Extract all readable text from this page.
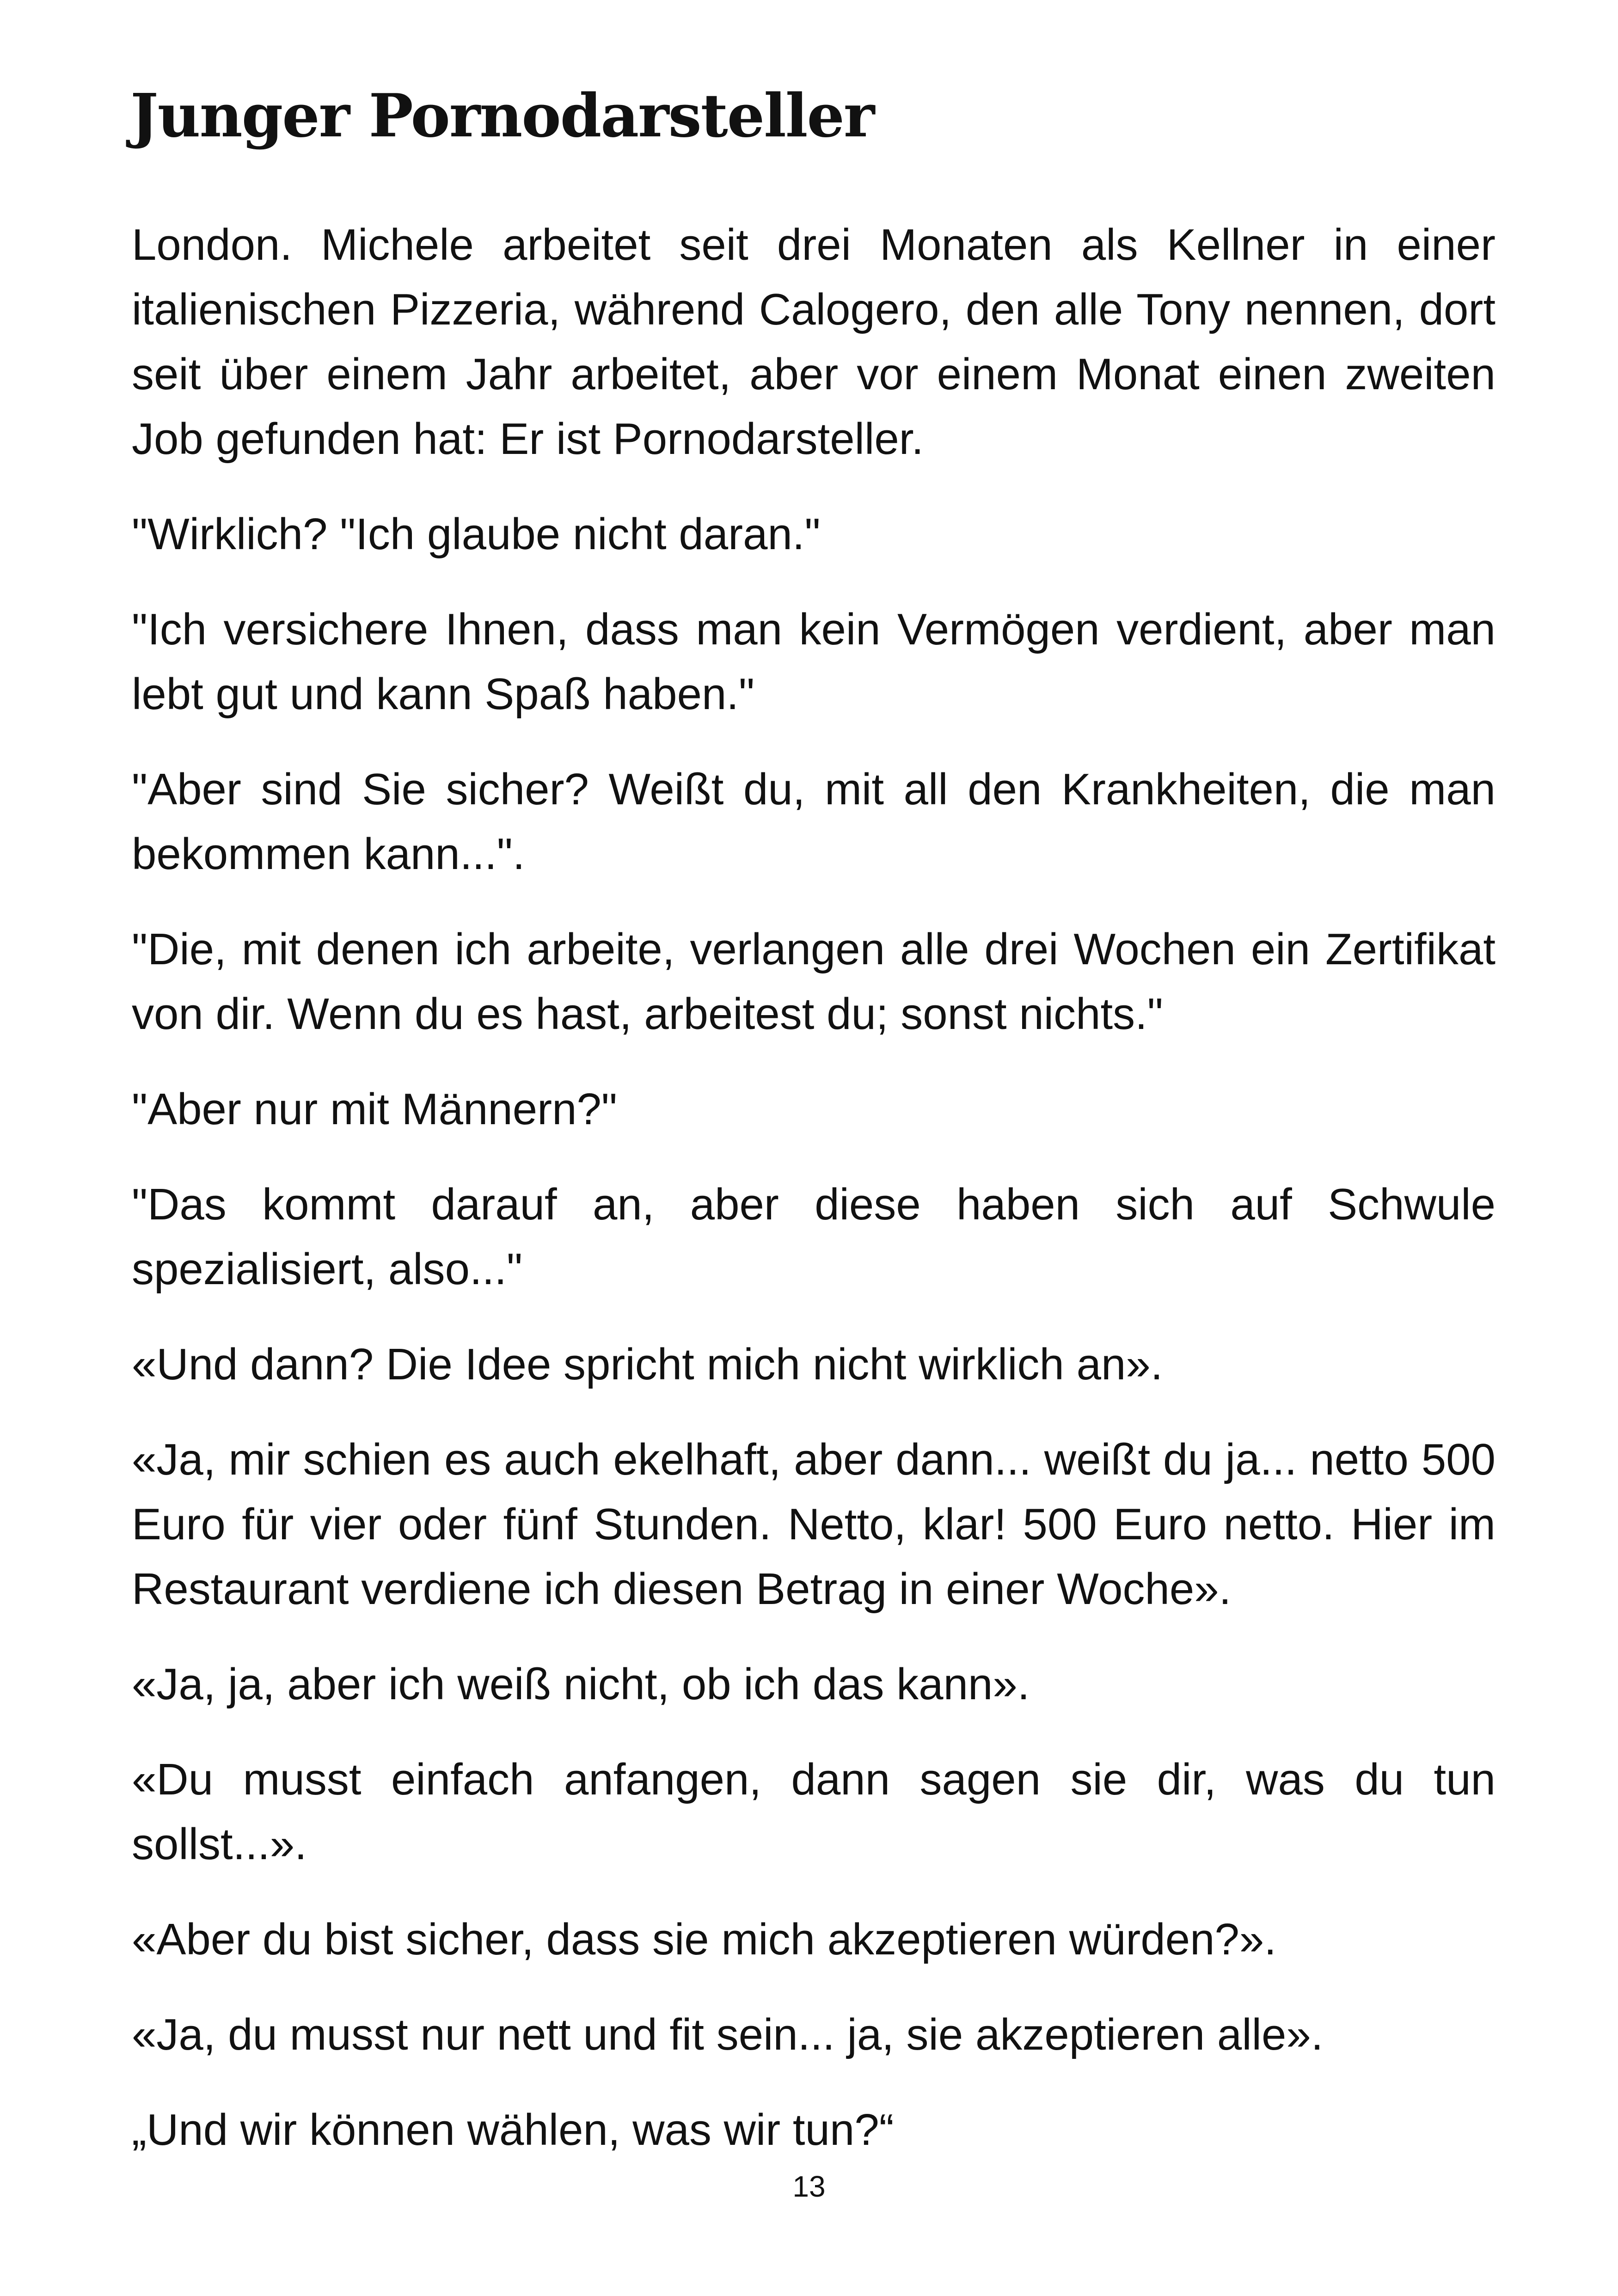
Junger Pornodarsteller

London. Michele arbeitet seit drei Monaten als Kellner in einer italienischen Pizzeria, während Calogero, den alle Tony nennen, dort seit über einem Jahr arbeitet, aber vor einem Monat einen zweiten Job gefunden hat: Er ist Pornodarsteller.

"Wirklich? "Ich glaube nicht daran."

"Ich versichere Ihnen, dass man kein Vermögen verdient, aber man lebt gut und kann Spaß haben."

"Aber sind Sie sicher? Weißt du, mit all den Krankheiten, die man bekommen kann...".

"Die, mit denen ich arbeite, verlangen alle drei Wochen ein Zertifikat von dir. Wenn du es hast, arbeitest du; sonst nichts."

"Aber nur mit Männern?"

"Das kommt darauf an, aber diese haben sich auf Schwule spezialisiert, also..."

«Und dann? Die Idee spricht mich nicht wirklich an».

«Ja, mir schien es auch ekelhaft, aber dann... weißt du ja... netto 500 Euro für vier oder fünf Stunden. Netto, klar! 500 Euro netto. Hier im Restaurant verdiene ich diesen Betrag in einer Woche».

«Ja, ja, aber ich weiß nicht, ob ich das kann».

«Du musst einfach anfangen, dann sagen sie dir, was du tun sollst...».

«Aber du bist sicher, dass sie mich akzeptieren würden?».

«Ja, du musst nur nett und fit sein... ja, sie akzeptieren alle».

„Und wir können wählen, was wir tun?“

13
